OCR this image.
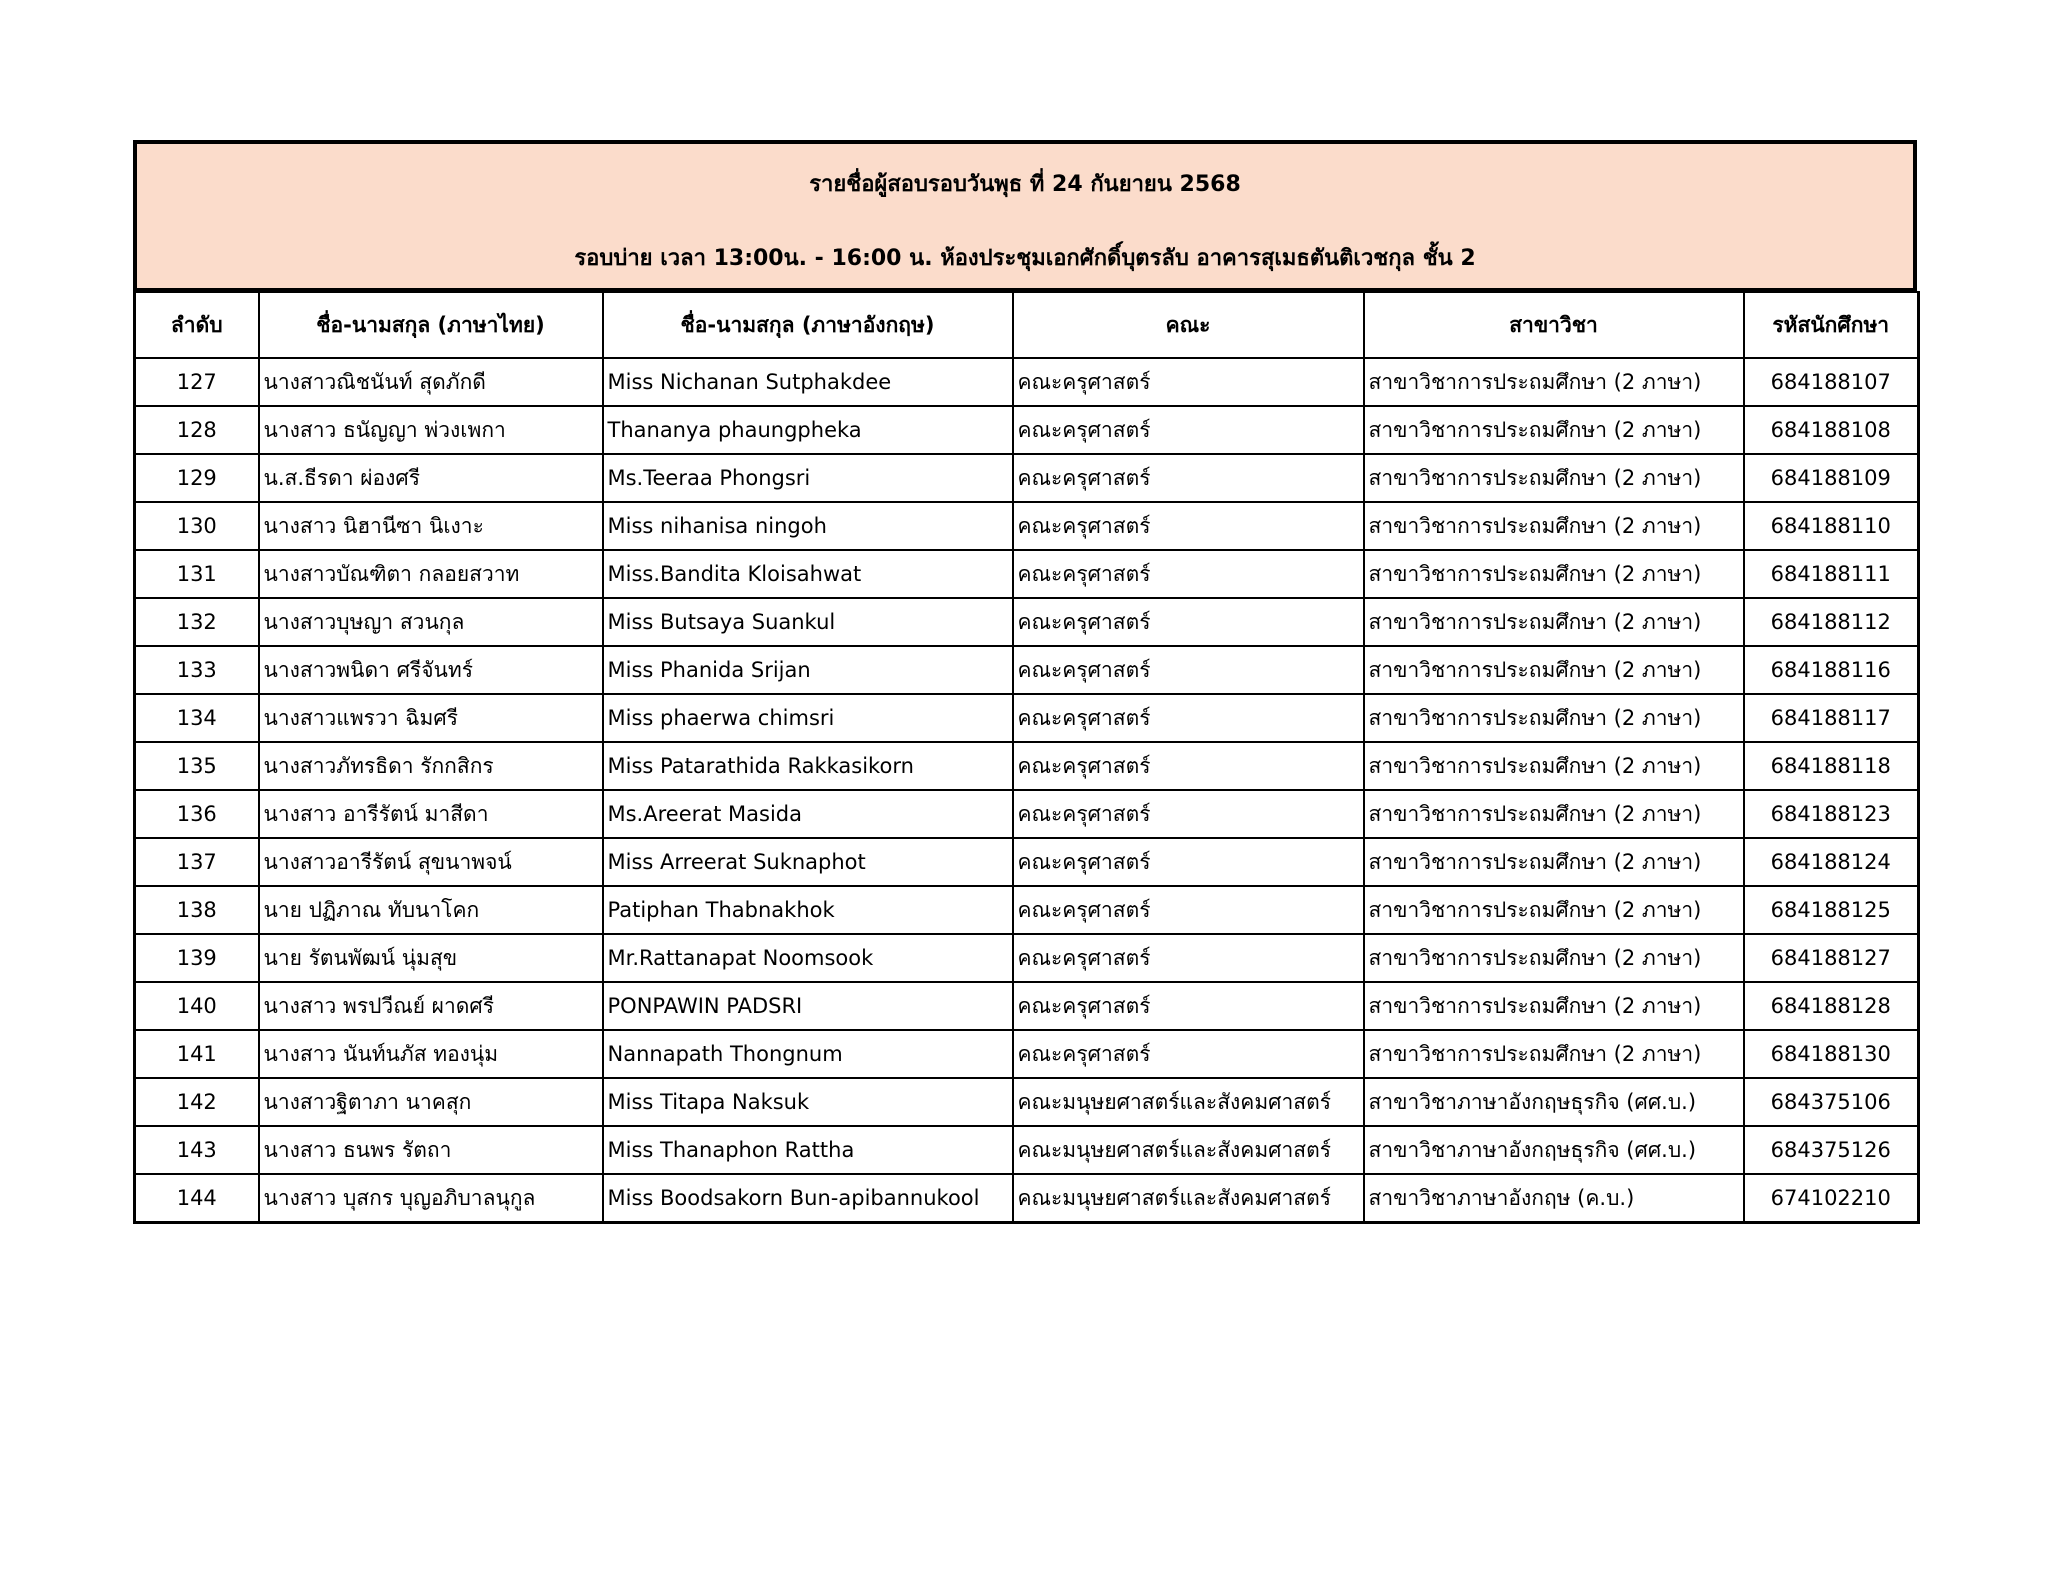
รายชื่อผู้สอบรอบวันพุธ ที่ 24 กันยายน 2568
รอบบ่าย เวลา 13:00น. - 16:00 น. ห้องประชุมเอกศักดิ์บุตรลับ อาคารสุเมธตันติเวชกุล ชั้น 2
ลำดับ	ชื่อ-นามสกุล (ภาษาไทย)	ชื่อ-นามสกุล (ภาษาอังกฤษ)	คณะ	สาขาวิชา	รหัสนักศึกษา
127	นางสาวณิชนันท์ สุดภักดี	Miss Nichanan Sutphakdee	คณะครุศาสตร์	สาขาวิชาการประถมศึกษา (2 ภาษา)	684188107
128	นางสาว ธนัญญา พ่วงเพกา	Thananya phaungpheka	คณะครุศาสตร์	สาขาวิชาการประถมศึกษา (2 ภาษา)	684188108
129	น.ส.ธีรดา ผ่องศรี	Ms.Teeraa Phongsri	คณะครุศาสตร์	สาขาวิชาการประถมศึกษา (2 ภาษา)	684188109
130	นางสาว นิฮานีซา นิเงาะ	Miss nihanisa ningoh	คณะครุศาสตร์	สาขาวิชาการประถมศึกษา (2 ภาษา)	684188110
131	นางสาวบัณฑิตา กลอยสวาท	Miss.Bandita Kloisahwat	คณะครุศาสตร์	สาขาวิชาการประถมศึกษา (2 ภาษา)	684188111
132	นางสาวบุษญา สวนกุล	Miss Butsaya Suankul	คณะครุศาสตร์	สาขาวิชาการประถมศึกษา (2 ภาษา)	684188112
133	นางสาวพนิดา ศรีจันทร์	Miss Phanida Srijan	คณะครุศาสตร์	สาขาวิชาการประถมศึกษา (2 ภาษา)	684188116
134	นางสาวแพรวา ฉิมศรี	Miss phaerwa chimsri	คณะครุศาสตร์	สาขาวิชาการประถมศึกษา (2 ภาษา)	684188117
135	นางสาวภัทรธิดา รักกสิกร	Miss Patarathida Rakkasikorn	คณะครุศาสตร์	สาขาวิชาการประถมศึกษา (2 ภาษา)	684188118
136	นางสาว อารีรัตน์ มาสีดา	Ms.Areerat Masida	คณะครุศาสตร์	สาขาวิชาการประถมศึกษา (2 ภาษา)	684188123
137	นางสาวอารีรัตน์ สุขนาพจน์	Miss Arreerat Suknaphot	คณะครุศาสตร์	สาขาวิชาการประถมศึกษา (2 ภาษา)	684188124
138	นาย ปฏิภาณ ทับนาโคก	Patiphan Thabnakhok	คณะครุศาสตร์	สาขาวิชาการประถมศึกษา (2 ภาษา)	684188125
139	นาย รัตนพัฒน์ นุ่มสุข	Mr.Rattanapat Noomsook	คณะครุศาสตร์	สาขาวิชาการประถมศึกษา (2 ภาษา)	684188127
140	นางสาว พรปวีณย์ ผาดศรี	PONPAWIN PADSRI	คณะครุศาสตร์	สาขาวิชาการประถมศึกษา (2 ภาษา)	684188128
141	นางสาว นันท์นภัส ทองนุ่ม	Nannapath Thongnum	คณะครุศาสตร์	สาขาวิชาการประถมศึกษา (2 ภาษา)	684188130
142	นางสาวฐิตาภา นาคสุก	Miss Titapa Naksuk	คณะมนุษยศาสตร์และสังคมศาสตร์	สาขาวิชาภาษาอังกฤษธุรกิจ (ศศ.บ.)	684375106
143	นางสาว ธนพร รัตถา	Miss Thanaphon Rattha	คณะมนุษยศาสตร์และสังคมศาสตร์	สาขาวิชาภาษาอังกฤษธุรกิจ (ศศ.บ.)	684375126
144	นางสาว บุสกร บุญอภิบาลนุกูล	Miss Boodsakorn Bun-apibannukool	คณะมนุษยศาสตร์และสังคมศาสตร์	สาขาวิชาภาษาอังกฤษ (ค.บ.)	674102210
